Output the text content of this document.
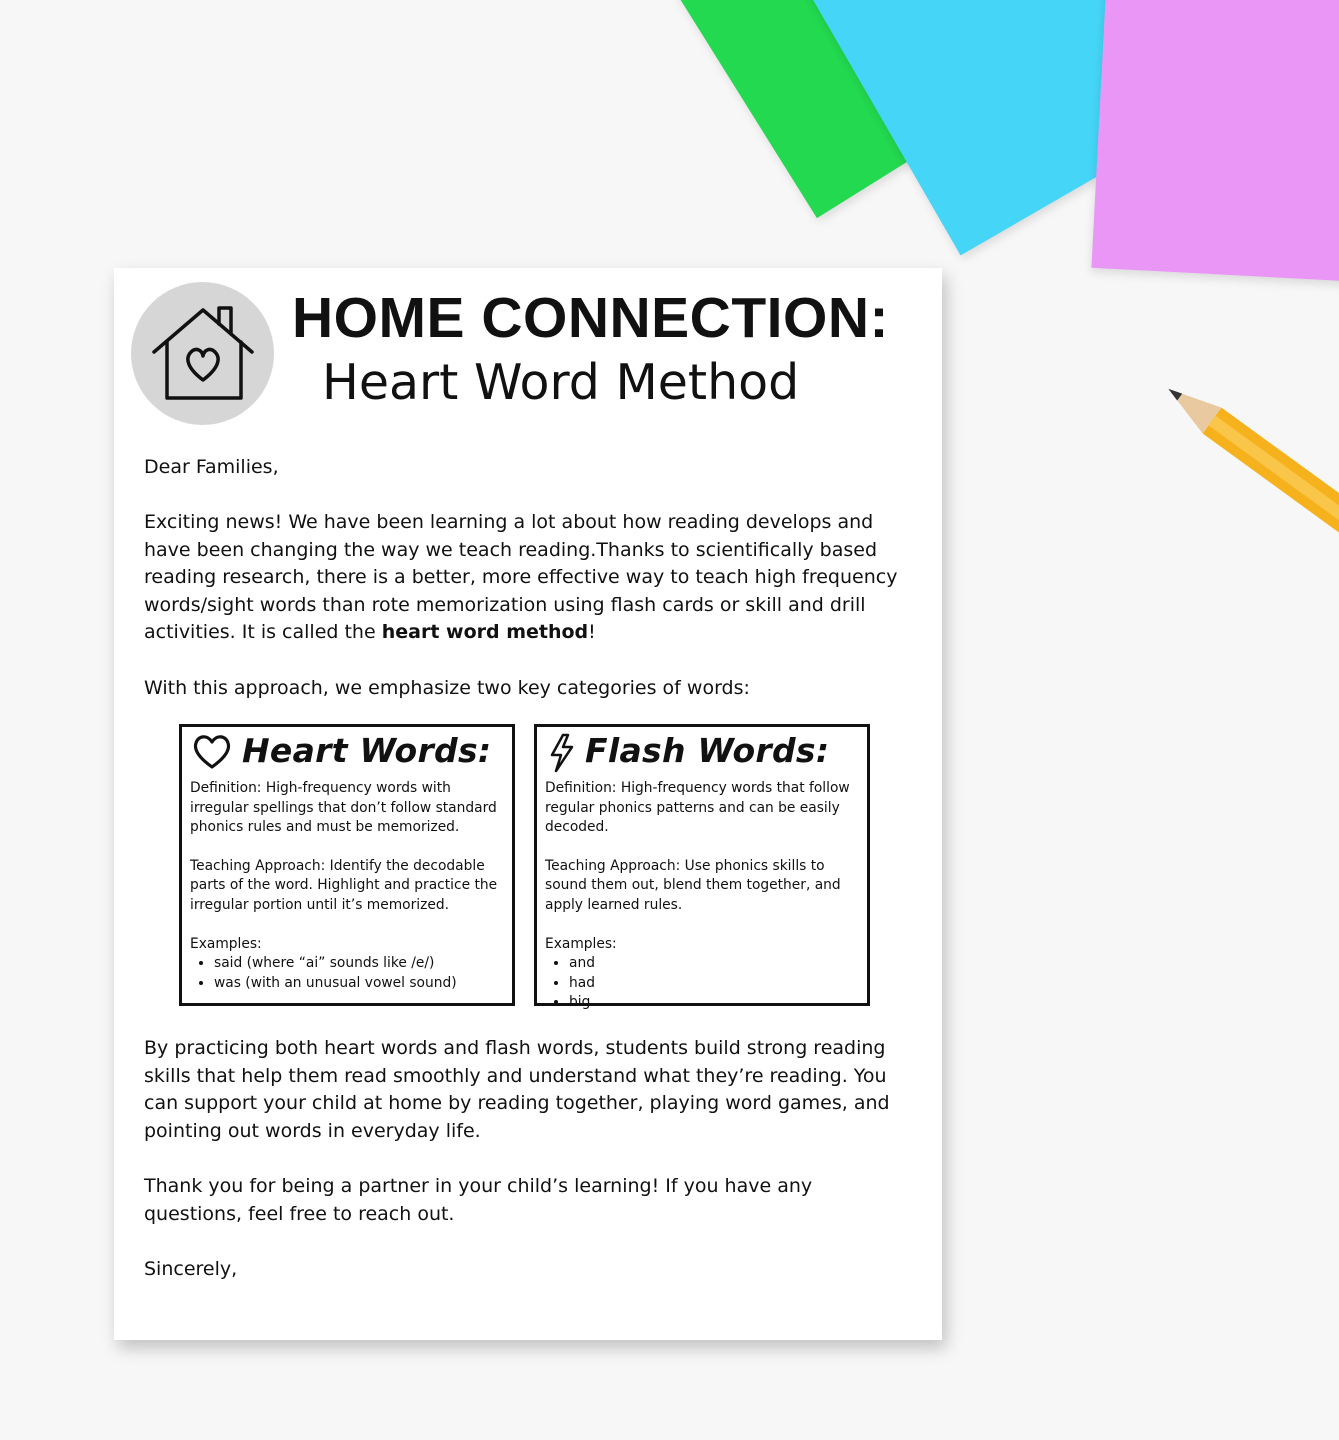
HOME CONNECTION:
Heart Word Method
Dear Families,
Exciting news! We have been learning a lot about how reading develops and have been changing the way we teach reading.Thanks to scientifically based reading research, there is a better, more effective way to teach high frequency words/sight words than rote memorization using flash cards or skill and drill activities. It is called the heart word method!
With this approach, we emphasize two key categories of words:
Heart Words:

Definition: High-frequency words with irregular spellings that don’t follow standard phonics rules and must be memorized.

Teaching Approach: Identify the decodable parts of the word. Highlight and practice the irregular portion until it’s memorized.

Examples:
• said (where “ai” sounds like /e/)
• was (with an unusual vowel sound)
Flash Words:

Definition: High-frequency words that follow regular phonics patterns and can be easily decoded.

Teaching Approach: Use phonics skills to sound them out, blend them together, and apply learned rules.

Examples:
• and
• had
• big
By practicing both heart words and flash words, students build strong reading skills that help them read smoothly and understand what they’re reading. You can support your child at home by reading together, playing word games, and pointing out words in everyday life.
Thank you for being a partner in your child’s learning! If you have any questions, feel free to reach out.
Sincerely,
